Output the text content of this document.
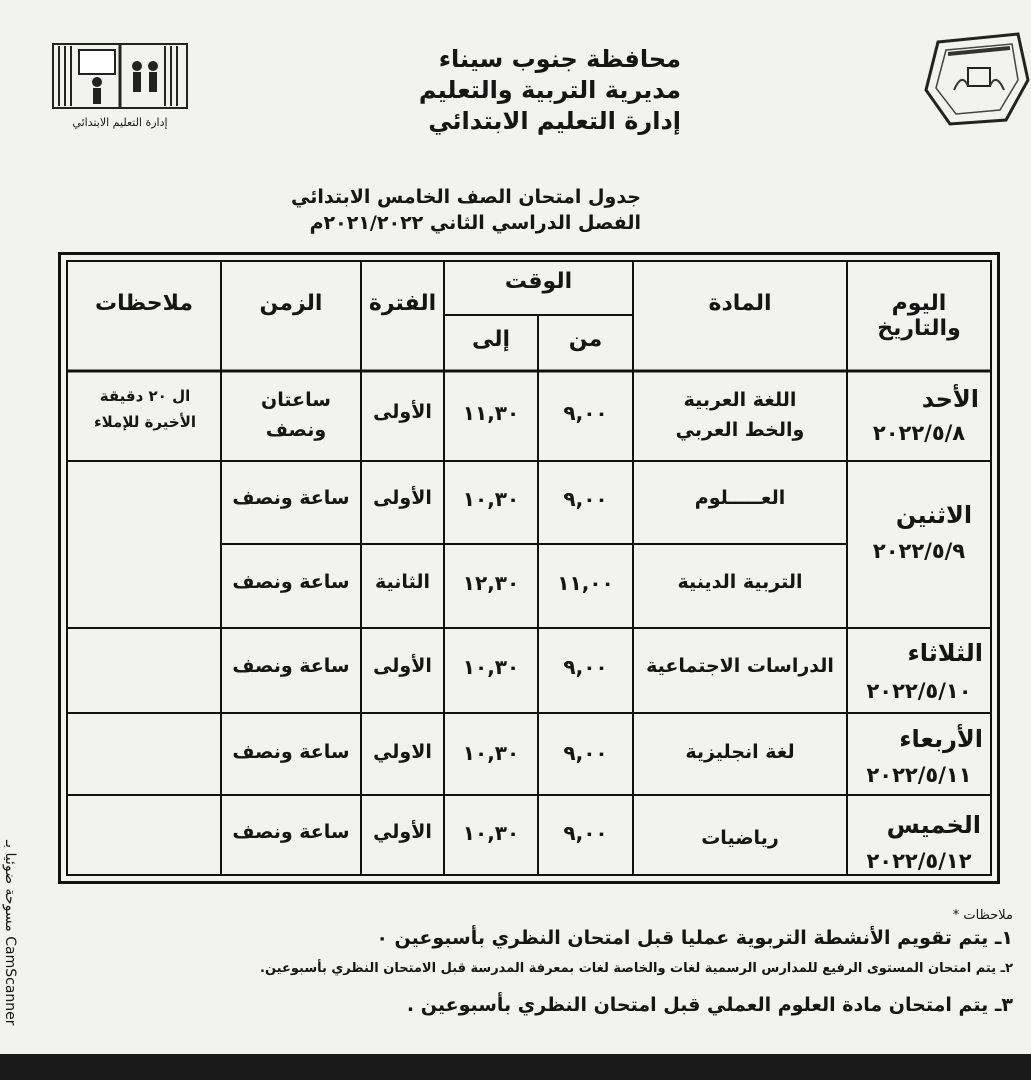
إدارة التعليم الابتدائي
محافظة جنوب سيناء
مديرية التربية والتعليم
إدارة التعليم الابتدائي
جدول امتحان الصف الخامس الابتدائي
الفصل الدراسي الثاني ٢٠٢١/٢٠٢٢م
اليوم والتاريخ
المادة
الوقت
من
إلى
الفترة
الزمن
ملاحظات
الأحد
٢٠٢٢/٥/٨
الاثنين
٢٠٢٢/٥/٩
الثلاثاء
٢٠٢٢/٥/١٠
الأربعاء
٢٠٢٢/٥/١١
الخميس
٢٠٢٢/٥/١٢
اللغة العربية والخط العربي
٩,٠٠
١١,٣٠
الأولى
ساعتان ونصف
ال ٢٠ دقيقة الأخيرة للإملاء
العـــــلوم
٩,٠٠
١٠,٣٠
الأولى
ساعة ونصف
التربية الدينية
١١,٠٠
١٢,٣٠
الثانية
ساعة ونصف
الدراسات الاجتماعية
٩,٠٠
١٠,٣٠
الأولى
ساعة ونصف
لغة انجليزية
٩,٠٠
١٠,٣٠
الاولي
ساعة ونصف
رياضيات
٩,٠٠
١٠,٣٠
الأولي
ساعة ونصف
ملاحظات *
١ـ يتم تقويم الأنشطة التربوية عمليا قبل امتحان النظري بأسبوعين ٠
٢ـ يتم امتحان المستوى الرفيع للمدارس الرسمية لغات والخاصة لغات بمعرفة المدرسة قبل الامتحان النظري بأسبوعين.
٣ـ يتم امتحان مادة العلوم العملي قبل امتحان النظري بأسبوعين .
CamScanner مسوحة ضوئيا بـ
